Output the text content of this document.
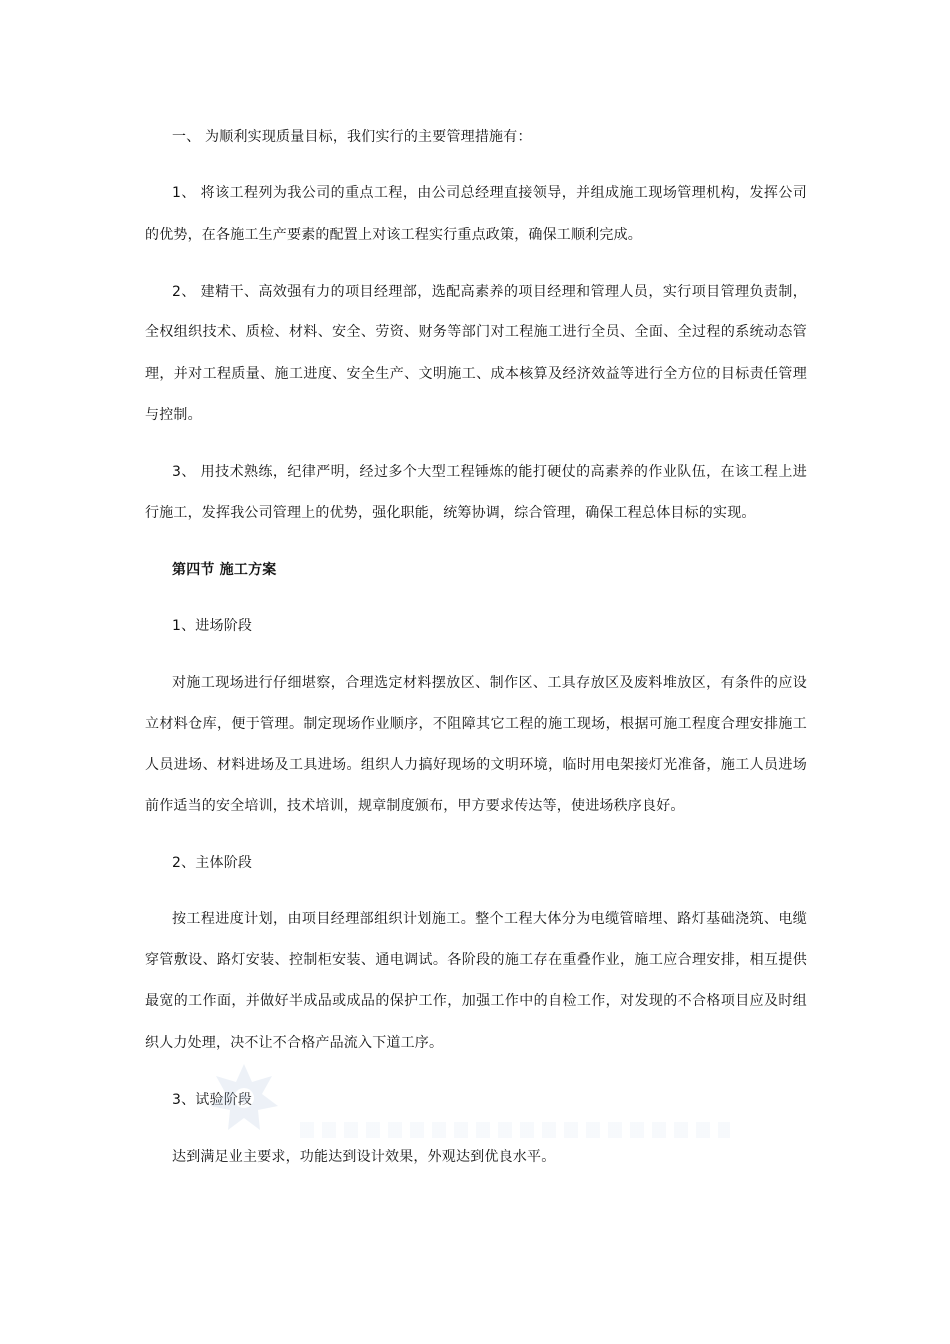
一、 为顺利实现质量目标，我们实行的主要管理措施有：
1、 将该工程列为我公司的重点工程，由公司总经理直接领导，并组成施工现场管理机构，发挥公司
的优势，在各施工生产要素的配置上对该工程实行重点政策，确保工顺利完成。
2、 建精干、高效强有力的项目经理部，选配高素养的项目经理和管理人员，实行项目管理负责制，
全权组织技术、质检、材料、安全、劳资、财务等部门对工程施工进行全员、全面、全过程的系统动态管
理，并对工程质量、施工进度、安全生产、文明施工、成本核算及经济效益等进行全方位的目标责任管理
与控制。
3、 用技术熟练，纪律严明，经过多个大型工程锤炼的能打硬仗的高素养的作业队伍，在该工程上进
行施工，发挥我公司管理上的优势，强化职能，统筹协调，综合管理，确保工程总体目标的实现。
第四节 施工方案
1、进场阶段
对施工现场进行仔细堪察，合理选定材料摆放区、制作区、工具存放区及废料堆放区，有条件的应设
立材料仓库，便于管理。制定现场作业顺序，不阻障其它工程的施工现场，根据可施工程度合理安排施工
人员进场、材料进场及工具进场。组织人力搞好现场的文明环境，临时用电架接灯光准备，施工人员进场
前作适当的安全培训，技术培训，规章制度颁布，甲方要求传达等，使进场秩序良好。
2、主体阶段
按工程进度计划，由项目经理部组织计划施工。整个工程大体分为电缆管暗埋、路灯基础浇筑、电缆
穿管敷设、路灯安装、控制柜安装、通电调试。各阶段的施工存在重叠作业，施工应合理安排，相互提供
最宽的工作面，并做好半成品或成品的保护工作，加强工作中的自检工作，对发现的不合格项目应及时组
织人力处理，决不让不合格产品流入下道工序。
3、试验阶段
达到满足业主要求，功能达到设计效果，外观达到优良水平。
